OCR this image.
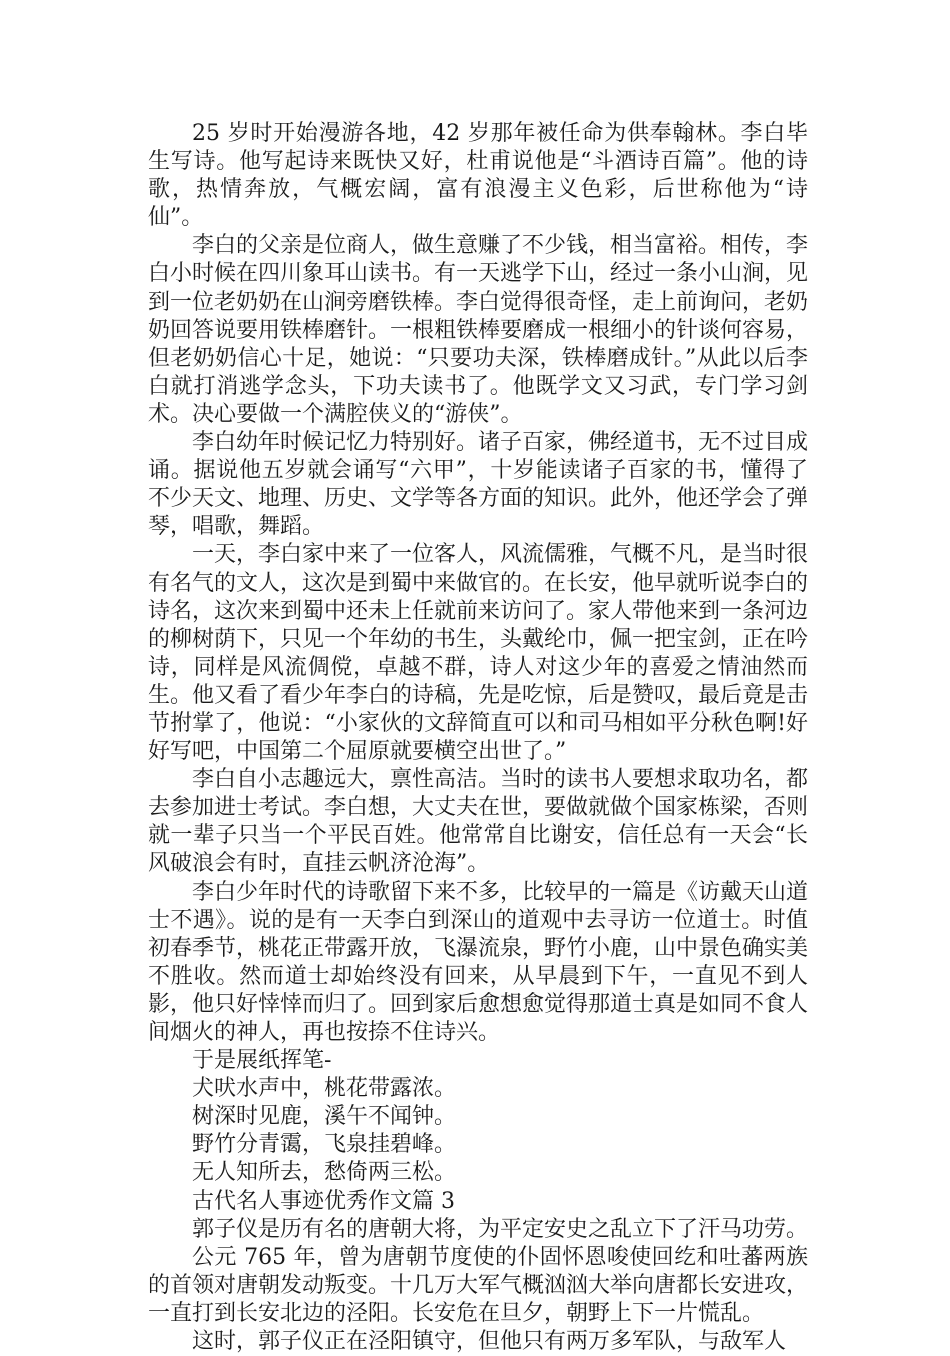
25 岁时开始漫游各地，42 岁那年被任命为供奉翰林。李白毕生写诗。他写起诗来既快又好，杜甫说他是“斗酒诗百篇”。他的诗歌，热情奔放，气概宏阔，富有浪漫主义色彩，后世称他为“诗仙”。

李白的父亲是位商人，做生意赚了不少钱，相当富裕。相传，李白小时候在四川象耳山读书。有一天逃学下山，经过一条小山涧，见到一位老奶奶在山涧旁磨铁棒。李白觉得很奇怪，走上前询问，老奶奶回答说要用铁棒磨针。一根粗铁棒要磨成一根细小的针谈何容易，但老奶奶信心十足，她说：“只要功夫深，铁棒磨成针。”从此以后李白就打消逃学念头，下功夫读书了。他既学文又习武，专门学习剑术。决心要做一个满腔侠义的“游侠”。

李白幼年时候记忆力特别好。诸子百家，佛经道书，无不过目成诵。据说他五岁就会诵写“六甲”，十岁能读诸子百家的书，懂得了不少天文、地理、历史、文学等各方面的知识。此外，他还学会了弹琴，唱歌，舞蹈。

一天，李白家中来了一位客人，风流儒雅，气概不凡，是当时很有名气的文人，这次是到蜀中来做官的。在长安，他早就听说李白的诗名，这次来到蜀中还未上任就前来访问了。家人带他来到一条河边的柳树荫下，只见一个年幼的书生，头戴纶巾，佩一把宝剑，正在吟诗，同样是风流倜傥，卓越不群，诗人对这少年的喜爱之情油然而生。他又看了看少年李白的诗稿，先是吃惊，后是赞叹，最后竟是击节拊掌了，他说：“小家伙的文辞简直可以和司马相如平分秋色啊!好好写吧，中国第二个屈原就要横空出世了。”

李白自小志趣远大，禀性高洁。当时的读书人要想求取功名，都去参加进士考试。李白想，大丈夫在世，要做就做个国家栋梁，否则就一辈子只当一个平民百姓。他常常自比谢安，信任总有一天会“长风破浪会有时，直挂云帆济沧海”。

李白少年时代的诗歌留下来不多，比较早的一篇是《访戴天山道士不遇》。说的是有一天李白到深山的道观中去寻访一位道士。时值初春季节，桃花正带露开放，飞瀑流泉，野竹小鹿，山中景色确实美不胜收。然而道士却始终没有回来，从早晨到下午，一直见不到人影，他只好悻悻而归了。回到家后愈想愈觉得那道士真是如同不食人间烟火的神人，再也按捺不住诗兴。

于是展纸挥笔-

犬吠水声中，桃花带露浓。

树深时见鹿，溪午不闻钟。

野竹分青霭，飞泉挂碧峰。

无人知所去，愁倚两三松。

古代名人事迹优秀作文篇 3

郭子仪是历有名的唐朝大将，为平定安史之乱立下了汗马功劳。

公元 765 年，曾为唐朝节度使的仆固怀恩唆使回纥和吐蕃两族的首领对唐朝发动叛变。十几万大军气概汹汹大举向唐都长安进攻，一直打到长安北边的泾阳。长安危在旦夕，朝野上下一片慌乱。

这时，郭子仪正在泾阳镇守，但他只有两万多军队，与敌军人
